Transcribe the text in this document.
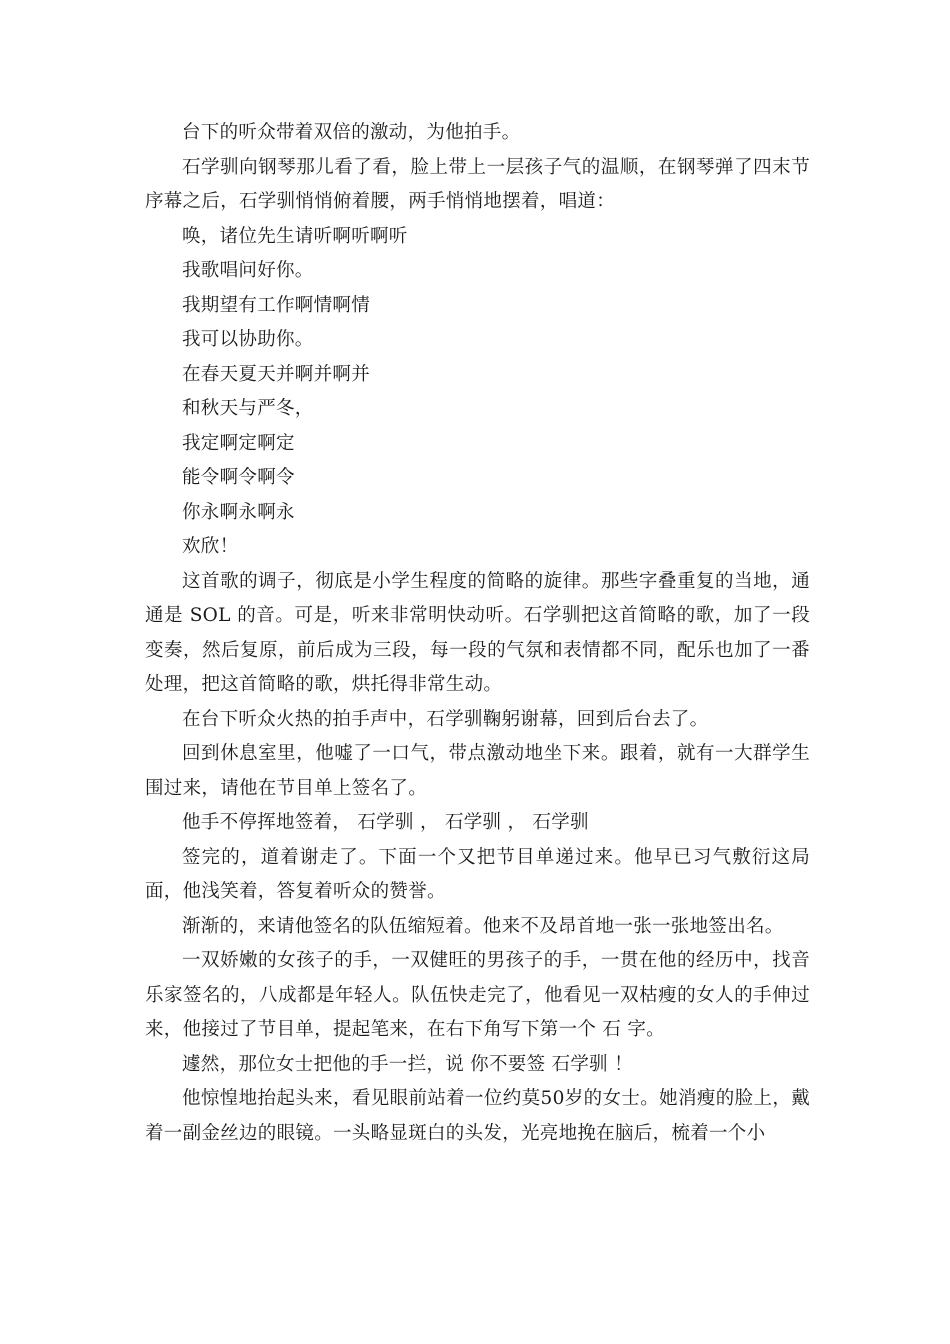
台下的听众带着双倍的激动，为他拍手。

石学驯向钢琴那儿看了看，脸上带上一层孩子气的温顺，在钢琴弹了四末节序幕之后，石学驯悄悄俯着腰，两手悄悄地摆着，唱道：

唤，诸位先生请听啊听啊听

我歌唱问好你。

我期望有工作啊情啊情

我可以协助你。

在春天夏天并啊并啊并

和秋天与严冬，

我定啊定啊定

能令啊令啊令

你永啊永啊永

欢欣！

这首歌的调子，彻底是小学生程度的简略的旋律。那些字叠重复的当地，通通是 SOL 的音。可是，听来非常明快动听。石学驯把这首简略的歌，加了一段变奏，然后复原，前后成为三段，每一段的气氛和表情都不同，配乐也加了一番处理，把这首简略的歌，烘托得非常生动。

在台下听众火热的拍手声中，石学驯鞠躬谢幕，回到后台去了。

回到休息室里，他嘘了一口气，带点激动地坐下来。跟着，就有一大群学生围过来，请他在节目单上签名了。

他手不停挥地签着， 石学驯 ， 石学驯 ， 石学驯

签完的，道着谢走了。下面一个又把节目单递过来。他早已习气敷衍这局面，他浅笑着，答复着听众的赞誉。

渐渐的，来请他签名的队伍缩短着。他来不及昂首地一张一张地签出名。

一双娇嫩的女孩子的手，一双健旺的男孩子的手，一贯在他的经历中，找音乐家签名的，八成都是年轻人。队伍快走完了，他看见一双枯瘦的女人的手伸过来，他接过了节目单，提起笔来，在右下角写下第一个 石 字。

遽然，那位女士把他的手一拦，说 你不要签 石学驯 ！

他惊惶地抬起头来，看见眼前站着一位约莫50岁的女士。她消瘦的脸上，戴着一副金丝边的眼镜。一头略显斑白的头发，光亮地挽在脑后，梳着一个小
